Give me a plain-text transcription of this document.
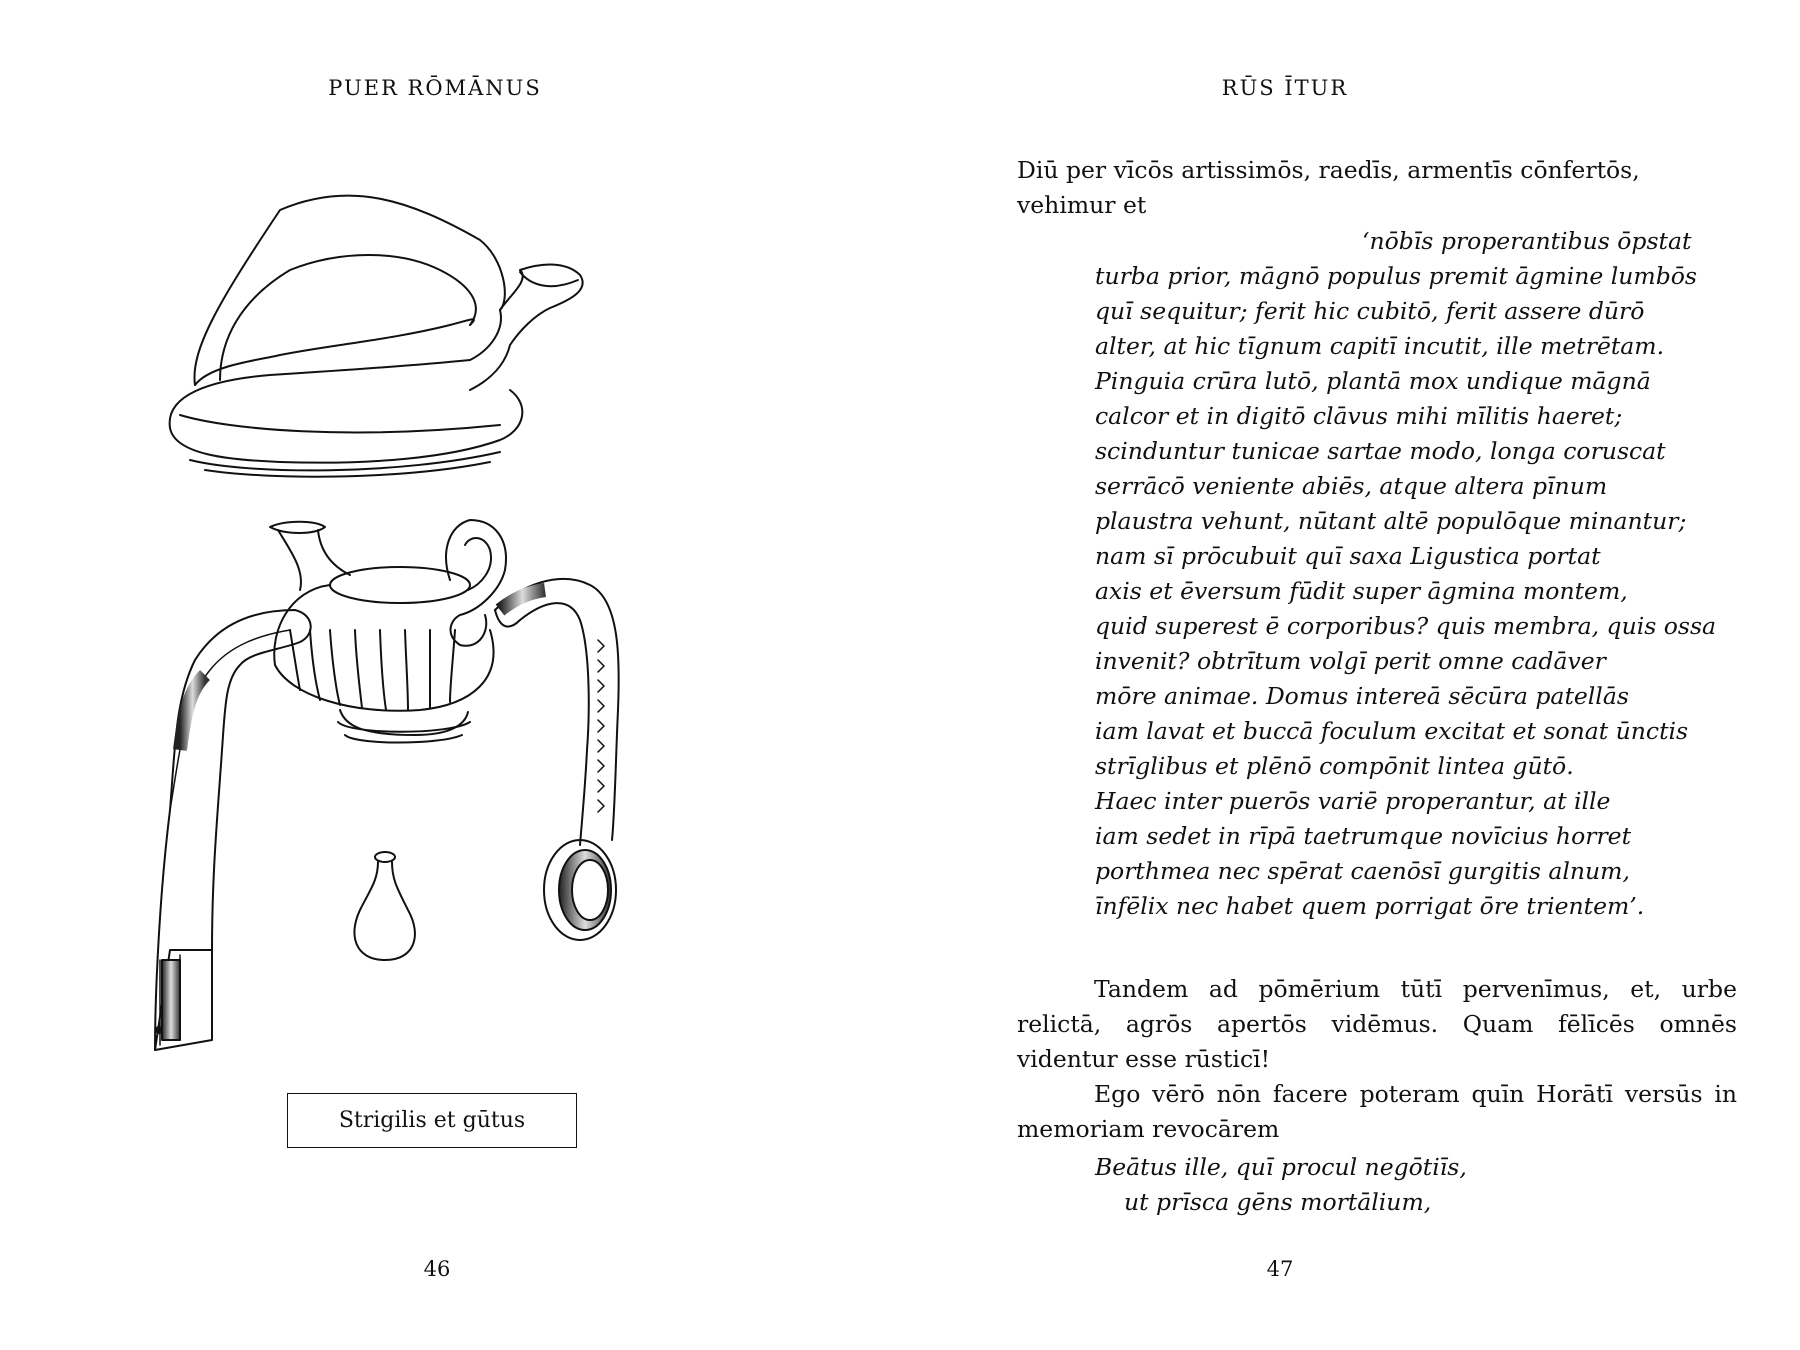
PUER RŌMĀNUS
Strigilis et gūtus
46
RŪS ĪTUR

Diū per vīcōs artissimōs, raedīs, armentīs cōnfertōs, vehimur et

‘nōbīs properantibus ōpstat
turba prior, māgnō populus premit āgmine lumbōs
quī sequitur; ferit hic cubitō, ferit assere dūrō
alter, at hic tīgnum capitī incutit, ille metrētam.
Pinguia crūra lutō, plantā mox undique māgnā
calcor et in digitō clāvus mihi mīlitis haeret;
scinduntur tunicae sartae modo, longa coruscat
serrācō veniente abiēs, atque altera pīnum
plaustra vehunt, nūtant altē populōque minantur;
nam sī prōcubuit quī saxa Ligustica portat
axis et ēversum fūdit super āgmina montem,
quid superest ē corporibus? quis membra, quis ossa
invenit? obtrītum volgī perit omne cadāver
mōre animae. Domus intereā sēcūra patellās
iam lavat et buccā foculum excitat et sonat ūnctis
strīglibus et plēnō compōnit lintea gūtō.
Haec inter puerōs variē properantur, at ille
iam sedet in rīpā taetrumque novīcius horret
porthmea nec spērat caenōsī gurgitis alnum,
īnfēlix nec habet quem porrigat ōre trientem’.

Tandem ad pōmērium tūtī pervenīmus, et, urbe relictā, agrōs apertōs vidēmus. Quam fēlīcēs omnēs videntur esse rūsticī!

Ego vērō nōn facere poteram quīn Horātī versūs in memoriam revocārem

Beātus ille, quī procul negōtiīs,
ut prīsca gēns mortālium,
47
